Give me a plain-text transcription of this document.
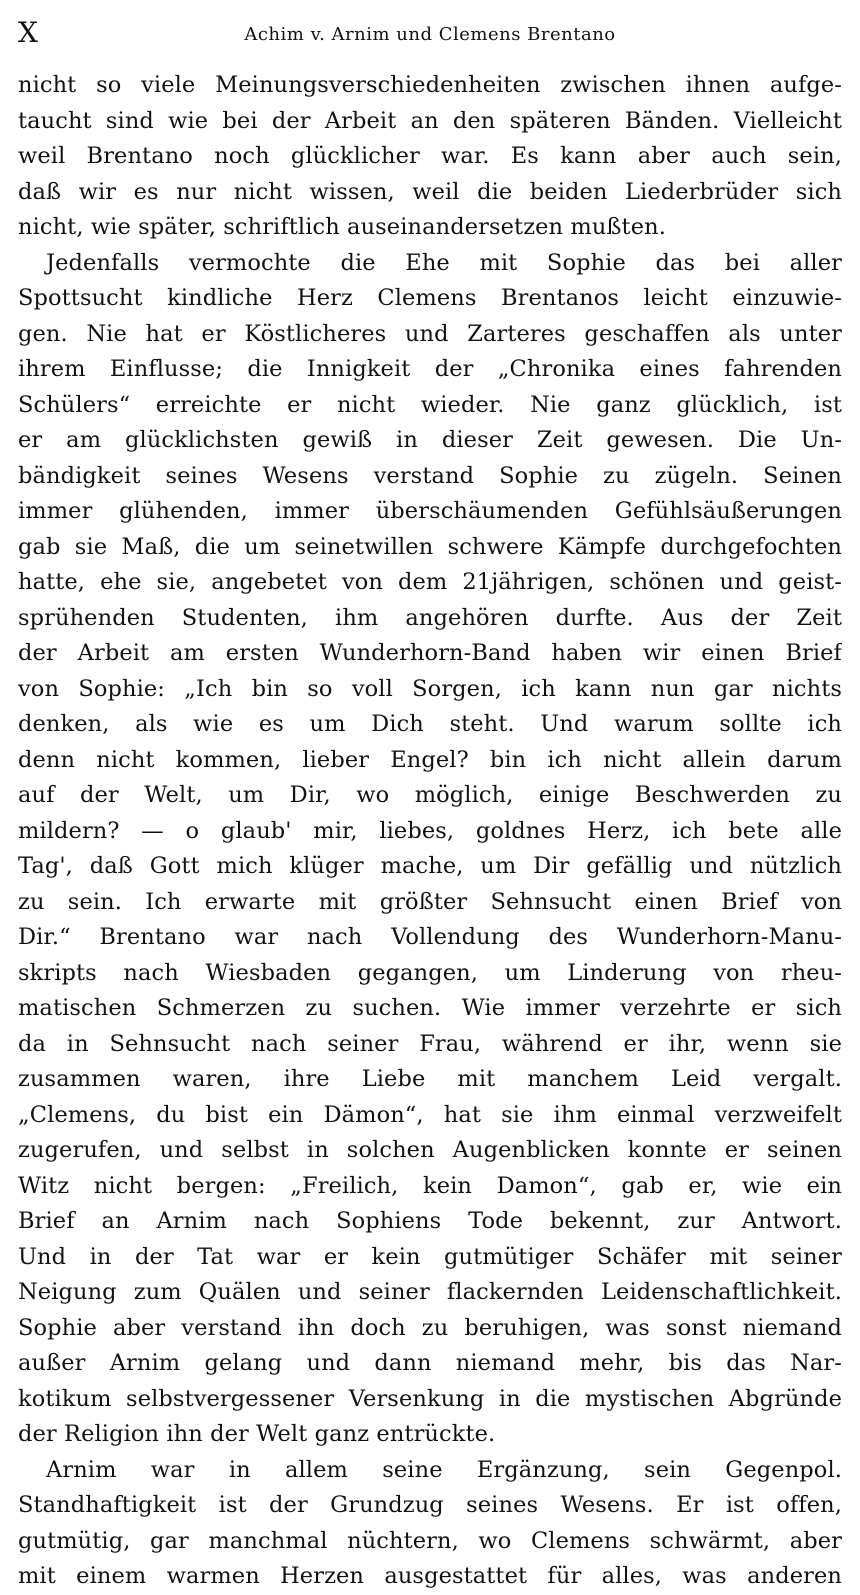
X	Achim v. Arnim und Clemens Brentano
nicht so viele Meinungsverschiedenheiten zwischen ihnen aufge-
taucht sind wie bei der Arbeit an den späteren Bänden. Vielleicht
weil Brentano noch glücklicher war. Es kann aber auch sein,
daß wir es nur nicht wissen, weil die beiden Liederbrüder sich
nicht, wie später, schriftlich auseinandersetzen mußten.
Jedenfalls vermochte die Ehe mit Sophie das bei aller
Spottsucht kindliche Herz Clemens Brentanos leicht einzuwie-
gen. Nie hat er Köstlicheres und Zarteres geschaffen als unter
ihrem Einflusse; die Innigkeit der „Chronika eines fahrenden
Schülers“ erreichte er nicht wieder. Nie ganz glücklich, ist
er am glücklichsten gewiß in dieser Zeit gewesen. Die Un-
bändigkeit seines Wesens verstand Sophie zu zügeln. Seinen
immer glühenden, immer überschäumenden Gefühlsäußerungen
gab sie Maß, die um seinetwillen schwere Kämpfe durchgefochten
hatte, ehe sie, angebetet von dem 21jährigen, schönen und geist-
sprühenden Studenten, ihm angehören durfte. Aus der Zeit
der Arbeit am ersten Wunderhorn-Band haben wir einen Brief
von Sophie: „Ich bin so voll Sorgen, ich kann nun gar nichts
denken, als wie es um Dich steht. Und warum sollte ich
denn nicht kommen, lieber Engel? bin ich nicht allein darum
auf der Welt, um Dir, wo möglich, einige Beschwerden zu
mildern? — o glaub' mir, liebes, goldnes Herz, ich bete alle
Tag', daß Gott mich klüger mache, um Dir gefällig und nützlich
zu sein. Ich erwarte mit größter Sehnsucht einen Brief von
Dir.“ Brentano war nach Vollendung des Wunderhorn-Manu-
skripts nach Wiesbaden gegangen, um Linderung von rheu-
matischen Schmerzen zu suchen. Wie immer verzehrte er sich
da in Sehnsucht nach seiner Frau, während er ihr, wenn sie
zusammen waren, ihre Liebe mit manchem Leid vergalt.
„Clemens, du bist ein Dämon“, hat sie ihm einmal verzweifelt
zugerufen, und selbst in solchen Augenblicken konnte er seinen
Witz nicht bergen: „Freilich, kein Damon“, gab er, wie ein
Brief an Arnim nach Sophiens Tode bekennt, zur Antwort.
Und in der Tat war er kein gutmütiger Schäfer mit seiner
Neigung zum Quälen und seiner flackernden Leidenschaftlichkeit.
Sophie aber verstand ihn doch zu beruhigen, was sonst niemand
außer Arnim gelang und dann niemand mehr, bis das Nar-
kotikum selbstvergessener Versenkung in die mystischen Abgründe
der Religion ihn der Welt ganz entrückte.
Arnim war in allem seine Ergänzung, sein Gegenpol.
Standhaftigkeit ist der Grundzug seines Wesens. Er ist offen,
gutmütig, gar manchmal nüchtern, wo Clemens schwärmt, aber
mit einem warmen Herzen ausgestattet für alles, was anderen
